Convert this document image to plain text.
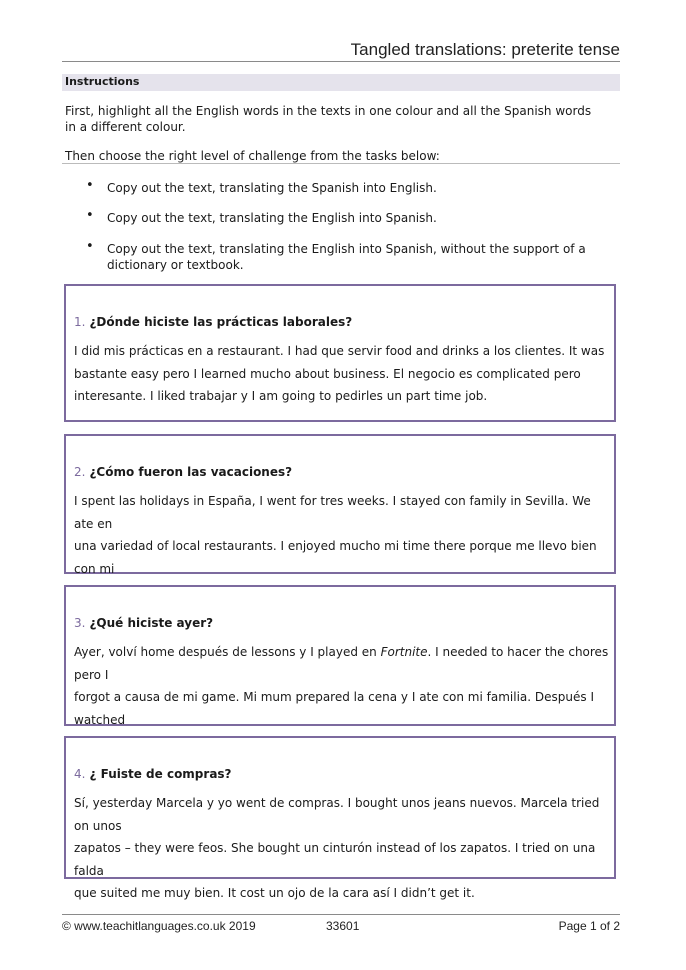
Tangled translations: preterite tense
Instructions
First, highlight all the English words in the texts in one colour and all the Spanish words in a different colour.
Then choose the right level of challenge from the tasks below:
• Copy out the text, translating the Spanish into English.
• Copy out the text, translating the English into Spanish.
• Copy out the text, translating the English into Spanish, without the support of a dictionary or textbook.
1. ¿Dónde hiciste las prácticas laborales?
I did mis prácticas en a restaurant. I had que servir food and drinks a los clientes. It was
bastante easy pero I learned mucho about business. El negocio es complicated pero
interesante. I liked trabajar y I am going to pedirles un part time job.
2. ¿Cómo fueron las vacaciones?
I spent las holidays in España, I went for tres weeks. I stayed con family in Sevilla. We ate en
una variedad of local restaurants. I enjoyed mucho mi time there porque me llevo bien con mi
3. ¿Qué hiciste ayer?
Ayer, volví home después de lessons y I played en Fortnite. I needed to hacer the chores pero I
forgot a causa de mi game. Mi mum prepared la cena y I ate con mi familia. Después I watched
4. ¿ Fuiste de compras?
Sí, yesterday Marcela y yo went de compras. I bought unos jeans nuevos. Marcela tried on unos
zapatos – they were feos. She bought un cinturón instead of los zapatos. I tried on una falda
que suited me muy bien. It cost un ojo de la cara así I didn’t get it.
© www.teachitlanguages.co.uk 2019	33601	Page 1 of 2
